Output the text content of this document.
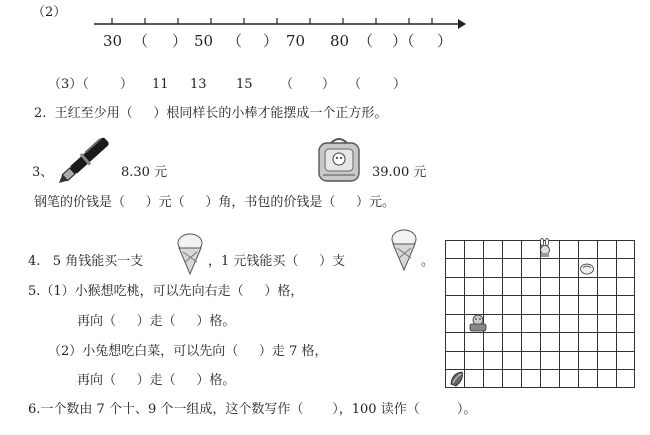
（2）
30 （ ） 50 （ ） 70 80 （ ）（ ）
（3）（ ） 11 13 15 （ ） （ ）
2.  王红至少用（     ）根同样长的小棒才能摆成一个正方形。
3、	8.30 元	39.00 元
钢笔的价钱是（     ）元（     ）角，书包的价钱是（     ）元。
4.   5 角钱能买一支	，1 元钱能买（     ）支	。
5.（1）小猴想吃桃，可以先向右走（     ）格，
再向（     ）走（     ）格。
（2）小兔想吃白菜，可以先向（     ）走 7 格，
再向（     ）走（     ）格。
6.一个数由 7 个十、9 个一组成，这个数写作（       ），100 读作（         ）。
